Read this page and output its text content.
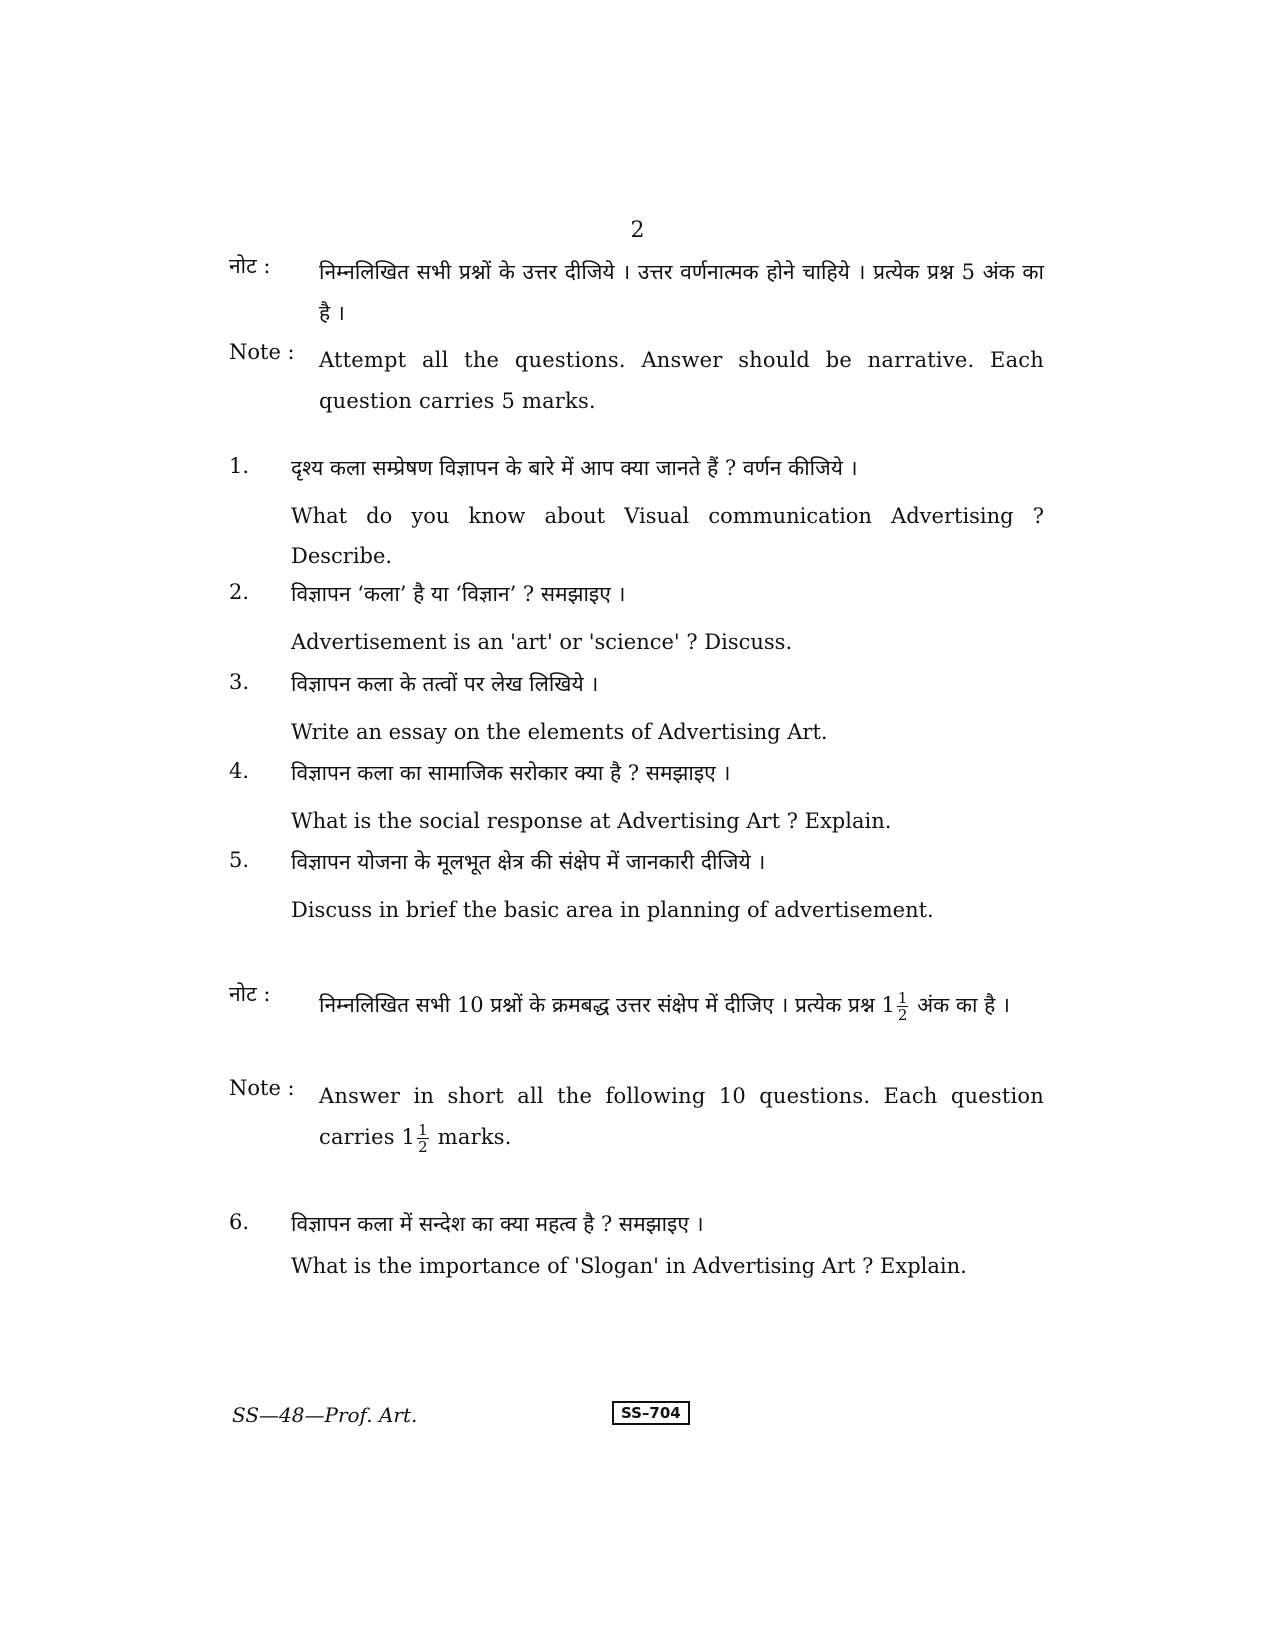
2
नोट : निम्नलिखित सभी प्रश्नों के उत्तर दीजिये । उत्तर वर्णनात्मक होने चाहिये । प्रत्येक प्रश्न 5 अंक का है ।
Note : Attempt all the questions. Answer should be narrative. Each question carries 5 marks.
1. दृश्य कला सम्प्रेषण विज्ञापन के बारे में आप क्या जानते हैं ? वर्णन कीजिये ।
What do you know about Visual communication Advertising ? Describe.
2. विज्ञापन ‘कला’ है या ‘विज्ञान’ ? समझाइए ।
Advertisement is an 'art' or 'science' ? Discuss.
3. विज्ञापन कला के तत्वों पर लेख लिखिये ।
Write an essay on the elements of Advertising Art.
4. विज्ञापन कला का सामाजिक सरोकार क्या है ? समझाइए ।
What is the social response at Advertising Art ? Explain.
5. विज्ञापन योजना के मूलभूत क्षेत्र की संक्षेप में जानकारी दीजिये ।
Discuss in brief the basic area in planning of advertisement.
नोट : निम्नलिखित सभी 10 प्रश्नों के क्रमबद्ध उत्तर संक्षेप में दीजिए । प्रत्येक प्रश्न $1 \frac{1}{2}$ अंक का है ।
Note : Answer in short all the following 10 questions. Each question carries $1 \frac{1}{2}$ marks.
6. विज्ञापन कला में सन्देश का क्या महत्व है ? समझाइए ।
What is the importance of 'Slogan' in Advertising Art ? Explain.
SS—48—Prof. Art.	SS–704
